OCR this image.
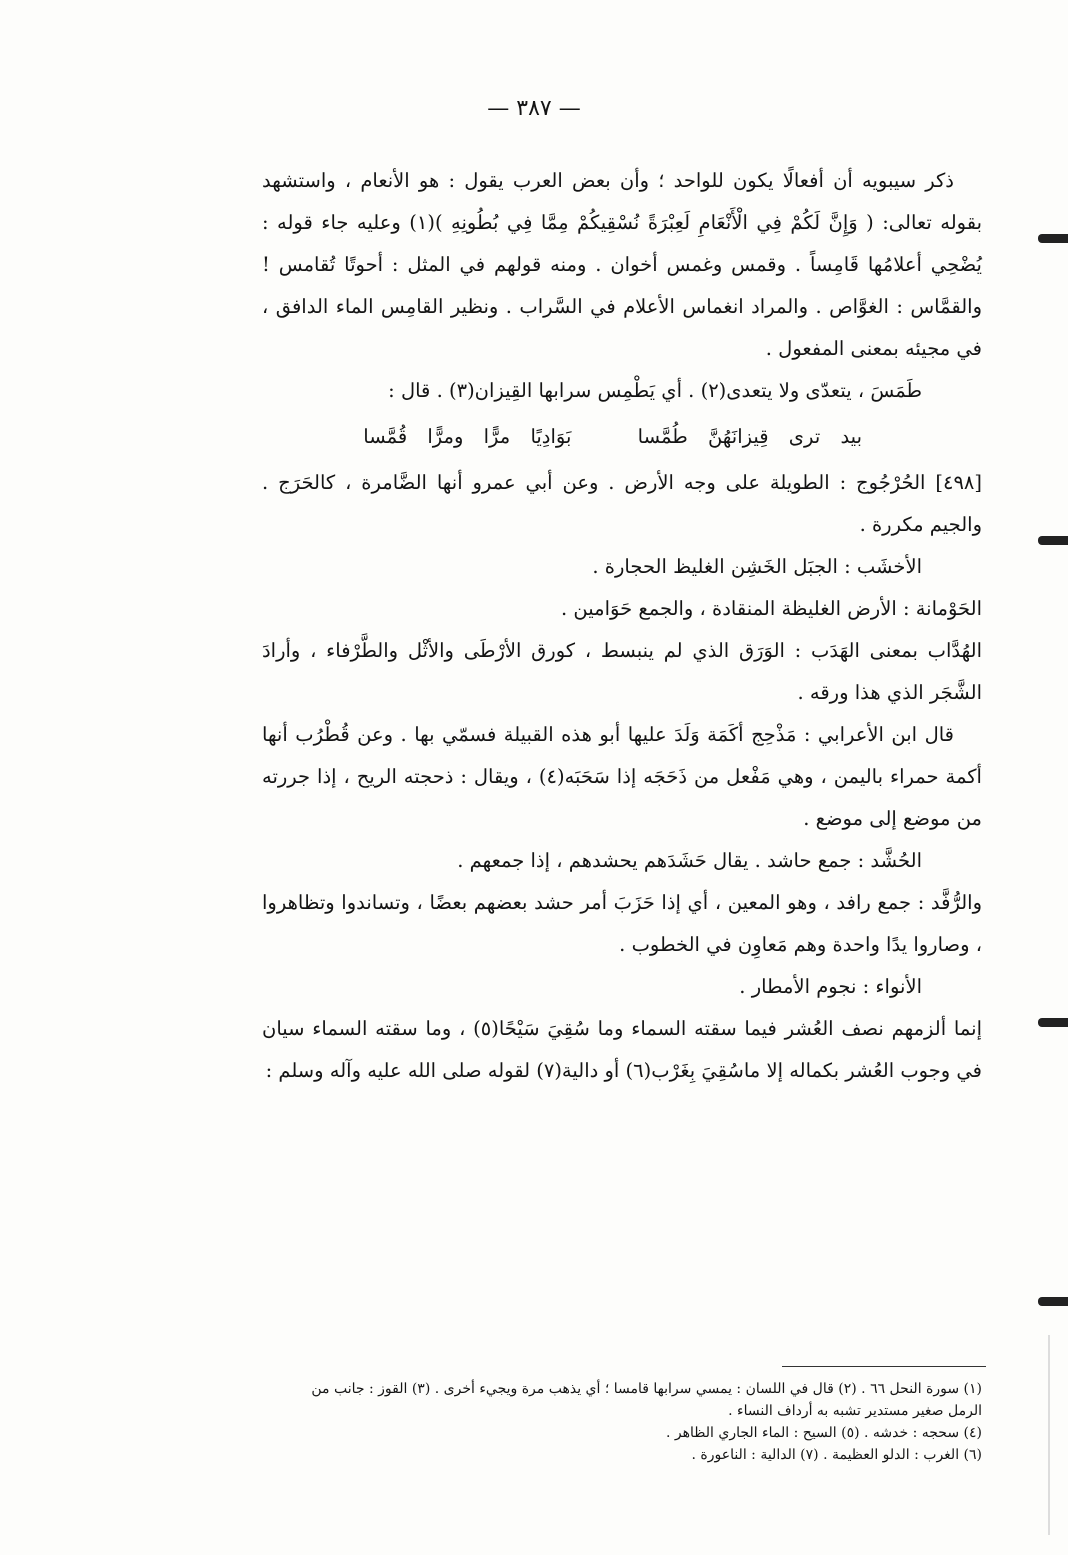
— ٣٨٧ —

ذكر سيبويه أن أفعالًا يكون للواحد ؛ وأن بعض العرب يقول : هو الأنعام ، واستشهد بقوله تعالى: ( وَإِنَّ لَكُمْ فِي الْأَنْعَامِ لَعِبْرَةً نُسْقِيكُمْ مِمَّا فِي بُطُونِهِ )(١) وعليه جاء قوله : يُضْحِي أعلامُها قَامِساً . وقمس وغمس أخوان . ومنه قولهم في المثل : أحوتًا تُقامس ! والقمَّاس : الغوَّاص . والمراد انغماس الأعلام في السَّراب . ونظير القامِس الماء الدافق ، في مجيئه بمعنى المفعول .

طَمَسَ ، يتعدّى ولا يتعدى(٢) . أي يَطْمِس سرابها القِيزان(٣) . قال :

بيد ترى قِيزانَهُنَّ طُمَّسا بَوَادِيًا مرًّا ومرًّا قُمَّسا

[٤٩٨] الحُرْجُوج : الطويلة على وجه الأرض . وعن أبي عمرو أنها الضَّامرة ، كالحَرَج . والجيم مكررة .

الأخشَب : الجبَل الخَشِن الغليظ الحجارة .

الحَوْمانة : الأرض الغليظة المنقادة ، والجمع حَوَامين .

الهُدَّاب بمعنى الهَدَب : الوَرَق الذي لم ينبسط ، كورق الأرْطَى والأثْل والطَّرْفاء ، وأرادَ الشَّجَر الذي هذا ورقه .

قال ابن الأعرابي : مَذْحِج أكَمَة وَلَدَ عليها أبو هذه القبيلة فسمّي بها . وعن قُطْرُب أنها أكمة حمراء باليمن ، وهي مَفْعل من ذَحَجَه إذا سَحَبَه(٤) ، ويقال : ذحجته الريح ، إذا جررته من موضع إلى موضع .

الحُشَّد : جمع حاشد . يقال حَشَدَهم يحشدهم ، إذا جمعهم .

والرُّفَّد : جمع رافد ، وهو المعين ، أي إذا حَزَبَ أمر حشد بعضهم بعضًا ، وتساندوا وتظاهروا ، وصاروا يدًا واحدة وهم مَعاوِن في الخطوب .

الأنواء : نجوم الأمطار .

إنما ألزمهم نصف العُشر فيما سقته السماء وما سُقِيَ سَيْحًا(٥) ، وما سقته السماء سيان في وجوب العُشر بكماله إلا ماسُقِيَ بِغَرْب(٦) أو دالية(٧) لقوله صلى الله عليه وآله وسلم :

(١) سورة النحل ٦٦ . (٢) قال في اللسان : يمسي سرابها قامسا ؛ أي يذهب مرة ويجيء أخرى . (٣) القوز : جانب من الرمل صغير مستدير تشبه به أرداف النساء .

(٤) سحجه : خدشه . (٥) السيح : الماء الجاري الظاهر .

(٦) الغرب : الدلو العظيمة . (٧) الدالية : الناعورة .
